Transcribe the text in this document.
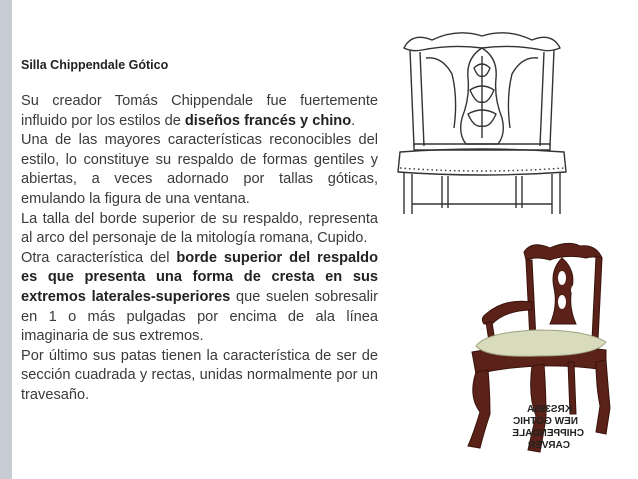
Silla Chippendale Gótico

Su creador Tomás Chippendale fue fuertemente influido por los estilos de diseños francés y chino.

Una de las mayores características reconocibles del estilo, lo constituye su respaldo de formas gentiles y abiertas, a veces adornado por tallas góticas, emulando la figura de una ventana.

La talla del borde superior de su respaldo, representa al arco del personaje de la mitología romana, Cupido.

Otra característica del borde superior del respaldo es que presenta una forma de cresta en sus extremos laterales-superiores que suelen sobresalir en 1 o más pulgadas por encima de ala línea imaginaria de sus extremos.

Por último sus patas tienen la característica de ser de sección cuadrada y rectas, unidas normalmente por un travesaño.

KRS395A
NEW GOTHIC
CHIPPENDALE
CARVER
